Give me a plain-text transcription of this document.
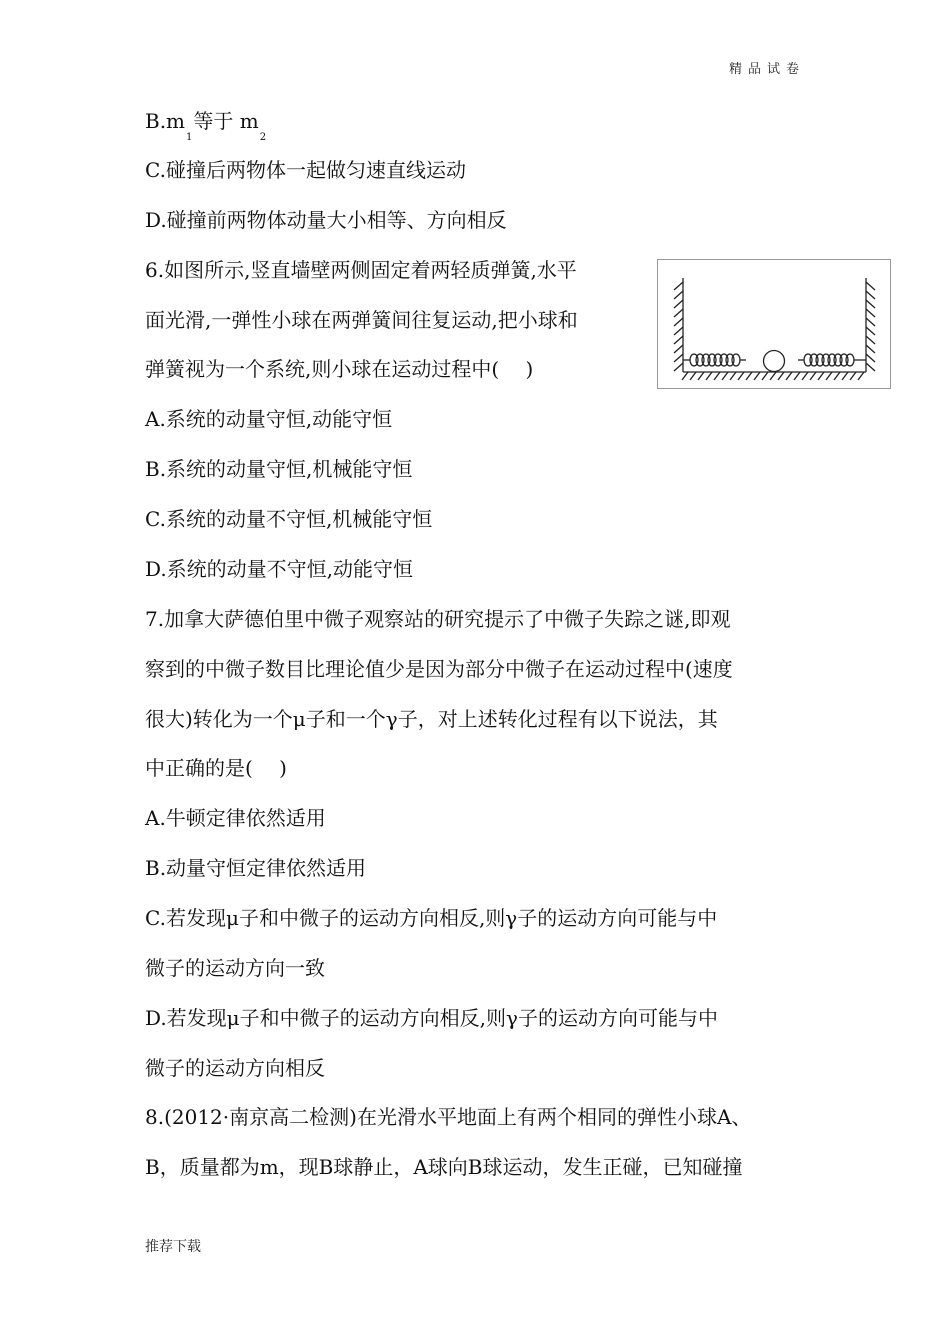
精品试卷
$B.m_1$等于 $m_2$
C.碰撞后两物体一起做匀速直线运动
D.碰撞前两物体动量大小相等、方向相反
6.如图所示,竖直墙壁两侧固定着两轻质弹簧,水平
面光滑,一弹性小球在两弹簧间往复运动,把小球和
弹簧视为一个系统,则小球在运动过程中(　 )
A.系统的动量守恒,动能守恒
B.系统的动量守恒,机械能守恒
C.系统的动量不守恒,机械能守恒
D.系统的动量不守恒,动能守恒
7.加拿大萨德伯里中微子观察站的研究提示了中微子失踪之谜,即观
察到的中微子数目比理论值少是因为部分中微子在运动过程中(速度
很大)转化为一个μ子和一个γ子，对上述转化过程有以下说法，其
中正确的是(　 )
A.牛顿定律依然适用
B.动量守恒定律依然适用
C.若发现μ子和中微子的运动方向相反,则γ子的运动方向可能与中
微子的运动方向一致
D.若发现μ子和中微子的运动方向相反,则γ子的运动方向可能与中
微子的运动方向相反
8.(2012·南京高二检测)在光滑水平地面上有两个相同的弹性小球A、
B，质量都为m，现B球静止，A球向B球运动，发生正碰，已知碰撞
推荐下载
